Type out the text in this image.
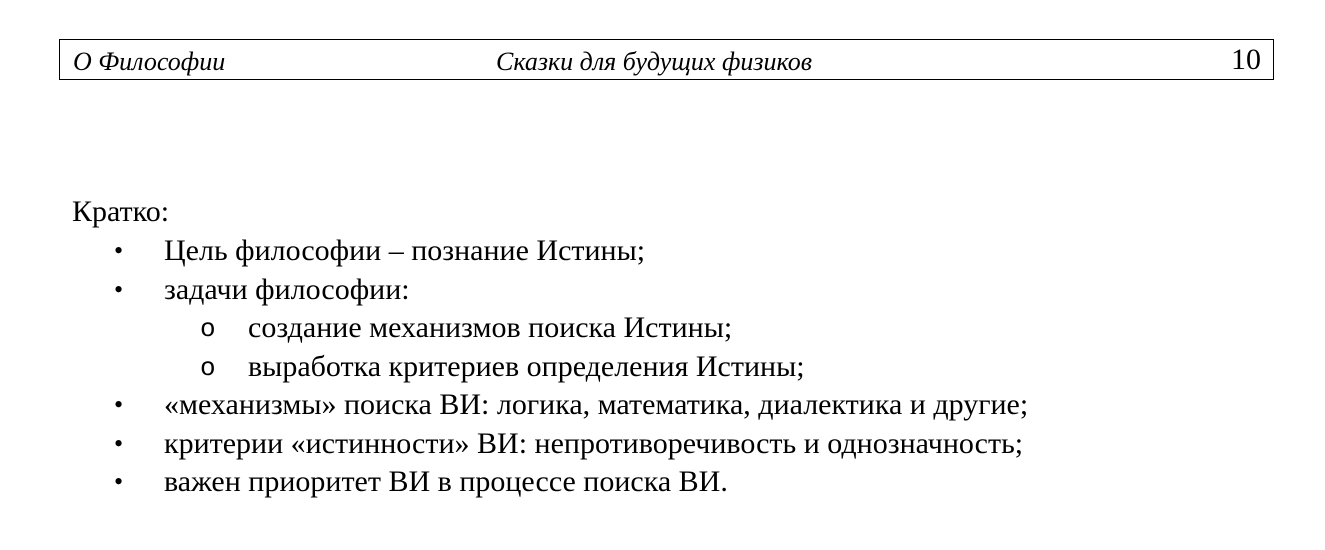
О Философии	Сказки для будущих физиков	10
Кратко:
• Цель философии – познание Истины;
• задачи философии:
o создание механизмов поиска Истины;
o выработка критериев определения Истины;
• «механизмы» поиска ВИ: логика, математика, диалектика и другие;
• критерии «истинности» ВИ: непротиворечивость и однозначность;
• важен приоритет ВИ в процессе поиска ВИ.
